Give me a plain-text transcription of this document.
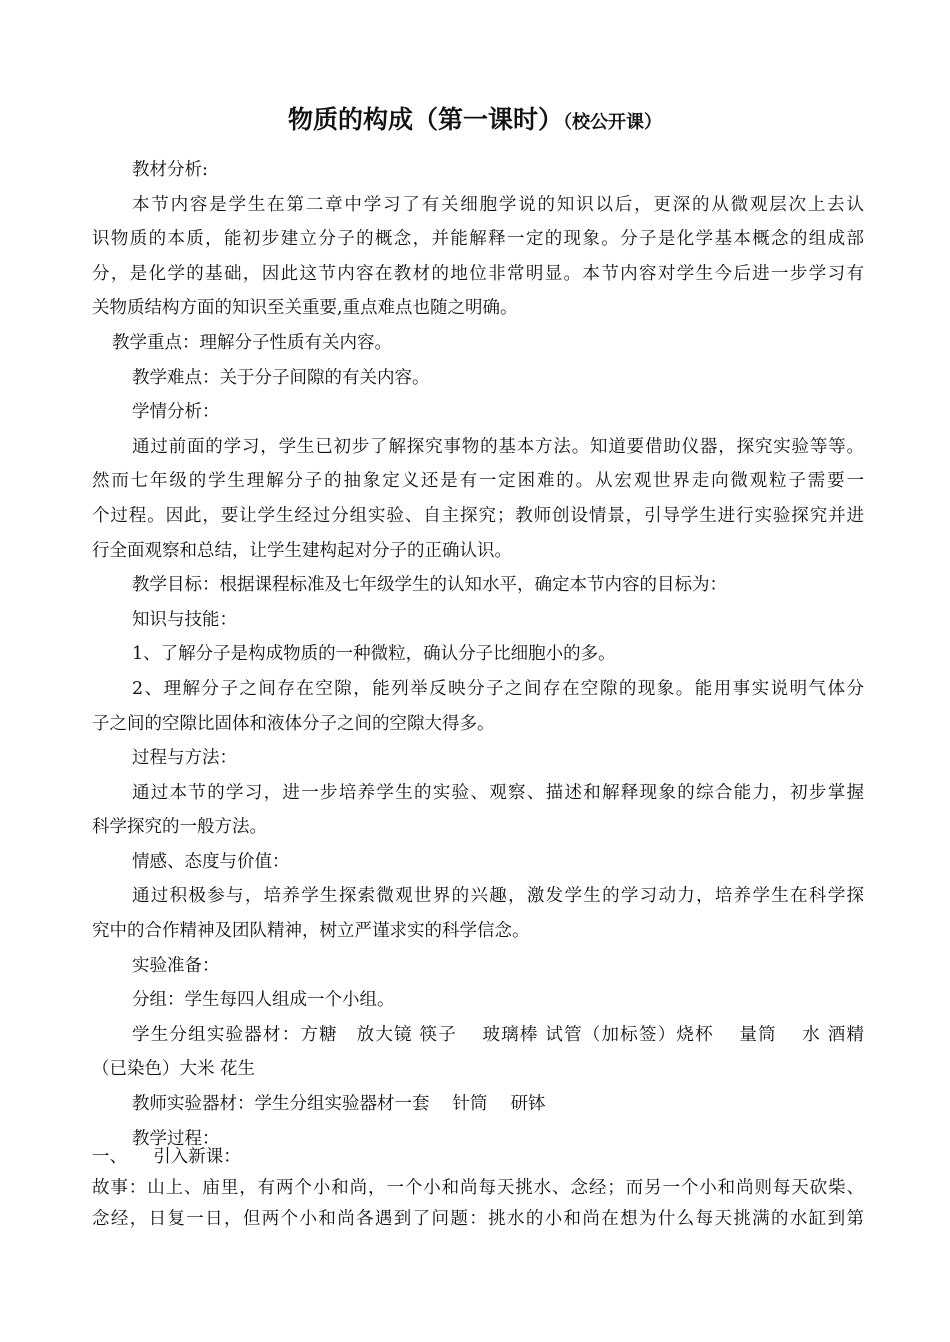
物质的构成（第一课时）（校公开课）
教材分析:
本节内容是学生在第二章中学习了有关细胞学说的知识以后，更深的从微观层次上去认
识物质的本质，能初步建立分子的概念，并能解释一定的现象。分子是化学基本概念的组成部
分，是化学的基础，因此这节内容在教材的地位非常明显。本节内容对学生今后进一步学习有
关物质结构方面的知识至关重要,重点难点也随之明确。
教学重点：理解分子性质有关内容。
教学难点：关于分子间隙的有关内容。
学情分析：
通过前面的学习，学生已初步了解探究事物的基本方法。知道要借助仪器，探究实验等等。
然而七年级的学生理解分子的抽象定义还是有一定困难的。从宏观世界走向微观粒子需要一
个过程。因此，要让学生经过分组实验、自主探究；教师创设情景，引导学生进行实验探究并进
行全面观察和总结，让学生建构起对分子的正确认识。
教学目标：根据课程标准及七年级学生的认知水平，确定本节内容的目标为：
知识与技能：
1、了解分子是构成物质的一种微粒，确认分子比细胞小的多。
2、理解分子之间存在空隙，能列举反映分子之间存在空隙的现象。能用事实说明气体分
子之间的空隙比固体和液体分子之间的空隙大得多。
过程与方法：
通过本节的学习，进一步培养学生的实验、观察、描述和解释现象的综合能力，初步掌握
科学探究的一般方法。
情感、态度与价值：
通过积极参与，培养学生探索微观世界的兴趣，激发学生的学习动力，培养学生在科学探
究中的合作精神及团队精神，树立严谨求实的科学信念。
实验准备：
分组：学生每四人组成一个小组。
学生分组实验器材：方糖　放大镜 筷子　 玻璃棒 试管（加标签）烧杯　 量筒　 水 酒精
（已染色）大米 花生
教师实验器材：学生分组实验器材一套　 针筒　 研钵
教学过程：
一、　　引入新课：
故事：山上、庙里，有两个小和尚，一个小和尚每天挑水、念经；而另一个小和尚则每天砍柴、
念经，日复一日，但两个小和尚各遇到了问题：挑水的小和尚在想为什么每天挑满的水缸到第
